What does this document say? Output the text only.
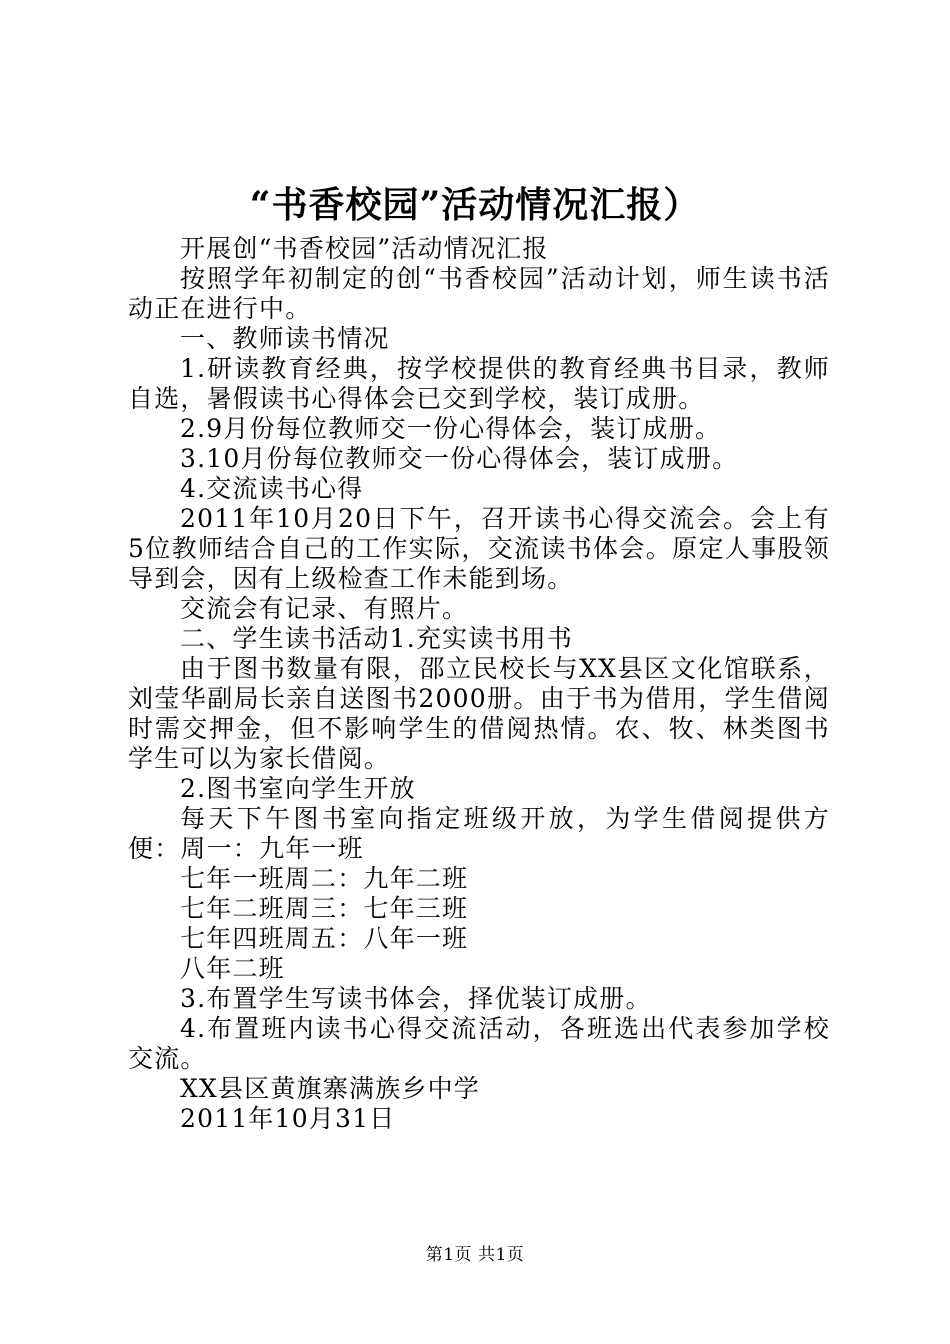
“书香校园”活动情况汇报）

开展创“书香校园”活动情况汇报

按照学年初制定的创“书香校园”活动计划，师生读书活动正在进行中。

一、教师读书情况

1.研读教育经典，按学校提供的教育经典书目录，教师自选，暑假读书心得体会已交到学校，装订成册。

2.9月份每位教师交一份心得体会，装订成册。

3.10月份每位教师交一份心得体会，装订成册。

4.交流读书心得

2011年10月20日下午，召开读书心得交流会。会上有5位教师结合自己的工作实际，交流读书体会。原定人事股领导到会，因有上级检查工作未能到场。

交流会有记录、有照片。

二、学生读书活动1.充实读书用书

由于图书数量有限，邵立民校长与XX县区文化馆联系，刘莹华副局长亲自送图书2000册。由于书为借用，学生借阅时需交押金，但不影响学生的借阅热情。农、牧、林类图书学生可以为家长借阅。

2.图书室向学生开放

每天下午图书室向指定班级开放，为学生借阅提供方便：周一：九年一班

七年一班周二：九年二班

七年二班周三：七年三班

七年四班周五：八年一班

八年二班

3.布置学生写读书体会，择优装订成册。

4.布置班内读书心得交流活动，各班选出代表参加学校交流。

XX县区黄旗寨满族乡中学

2011年10月31日

第1页 共1页
